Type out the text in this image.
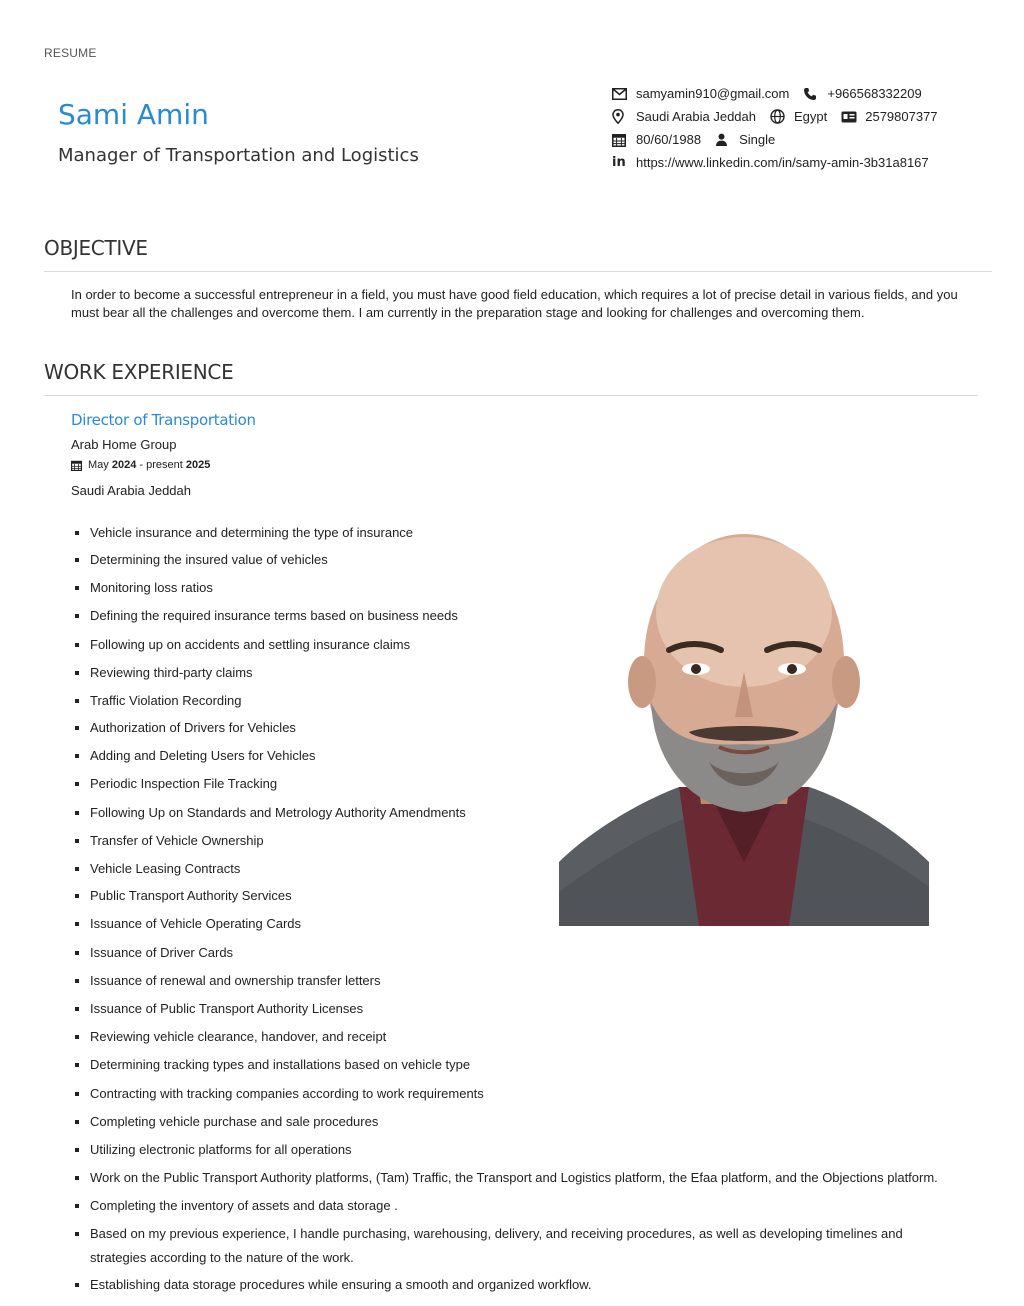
RESUME
Sami Amin
Manager of Transportation and Logistics
samyamin910@gmail.com	+966568332209
Saudi Arabia Jeddah	Egypt	2579807377
80/60/1988	Single
in https://www.linkedin.com/in/samy-amin-3b31a8167
OBJECTIVE
In order to become a successful entrepreneur in a field, you must have good field education, which requires a lot of precise detail in various fields, and you must bear all the challenges and overcome them. I am currently in the preparation stage and looking for challenges and overcoming them.
WORK EXPERIENCE
Director of Transportation
Arab Home Group
May
2024
- present
2025
Saudi Arabia Jeddah
Vehicle insurance and determining the type of insurance
Determining the insured value of vehicles
Monitoring loss ratios
Defining the required insurance terms based on business needs
Following up on accidents and settling insurance claims
Reviewing third-party claims
Traffic Violation Recording
Authorization of Drivers for Vehicles
Adding and Deleting Users for Vehicles
Periodic Inspection File Tracking
Following Up on Standards and Metrology Authority Amendments
Transfer of Vehicle Ownership
Vehicle Leasing Contracts
Public Transport Authority Services
Issuance of Vehicle Operating Cards
Issuance of Driver Cards
Issuance of renewal and ownership transfer letters
Issuance of Public Transport Authority Licenses
Reviewing vehicle clearance, handover, and receipt
Determining tracking types and installations based on vehicle type
Contracting with tracking companies according to work requirements
Completing vehicle purchase and sale procedures
Utilizing electronic platforms for all operations
Work on the Public Transport Authority platforms, (Tam) Traffic, the Transport and Logistics platform, the Efaa platform, and the Objections platform.
Completing the inventory of assets and data storage .
Based on my previous experience, I handle purchasing, warehousing, delivery, and receiving procedures, as well as developing timelines and strategies according to the nature of the work.
Establishing data storage procedures while ensuring a smooth and organized workflow.
